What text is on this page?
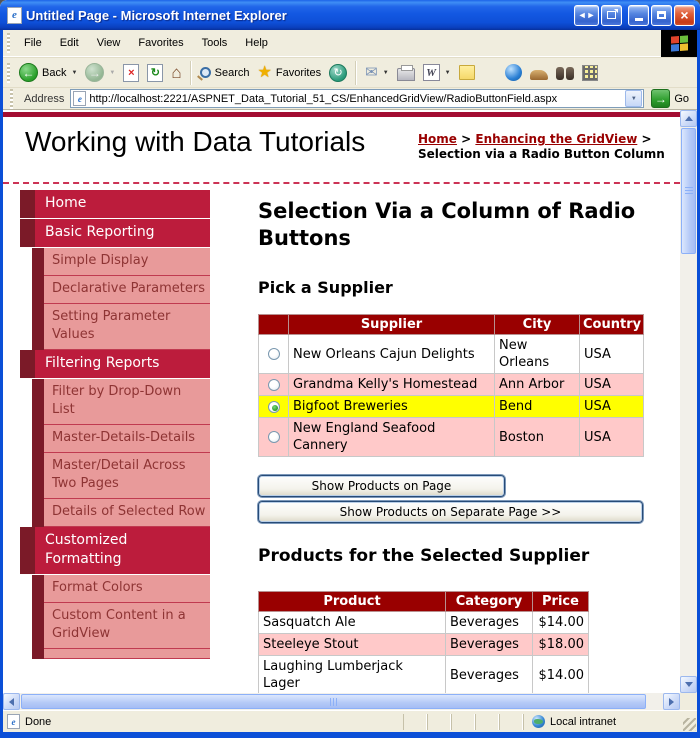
e Untitled Page - Microsoft Internet Explorer	◄►	×
File	Edit	View	Favorites	Tools	Help
← Back ▼ → ▼	×	↻ ⌂	Search ★ Favorites	↻ ✉ ▼	W	▼
Address e http://localhost:2221/ASPNET_Data_Tutorial_51_CS/EnhancedGridView/RadioButtonField.aspx	▼ → Go
Working with Data Tutorials	Home > Enhancing the GridView > Selection via a Radio Button Column
Home
Basic Reporting
Simple Display
Declarative Parameters
Setting Parameter Values
Filtering Reports
Filter by Drop-Down List
Master-Details-Details
Master/Detail Across Two Pages
Details of Selected Row
Customized Formatting
Format Colors
Custom Content in a GridView
Selection Via a Column of Radio Buttons
Pick a Supplier
	Supplier	City	Country
	New Orleans Cajun Delights	New Orleans	USA
	Grandma Kelly's Homestead	Ann Arbor	USA
	Bigfoot Breweries	Bend	USA
	New England Seafood Cannery	Boston	USA
Show Products on Page
Show Products on Separate Page >>
Products for the Selected Supplier
Product	Category	Price
Sasquatch Ale	Beverages	$14.00
Steeleye Stout	Beverages	$18.00
Laughing Lumberjack Lager	Beverages	$14.00
e Done	Local intranet
